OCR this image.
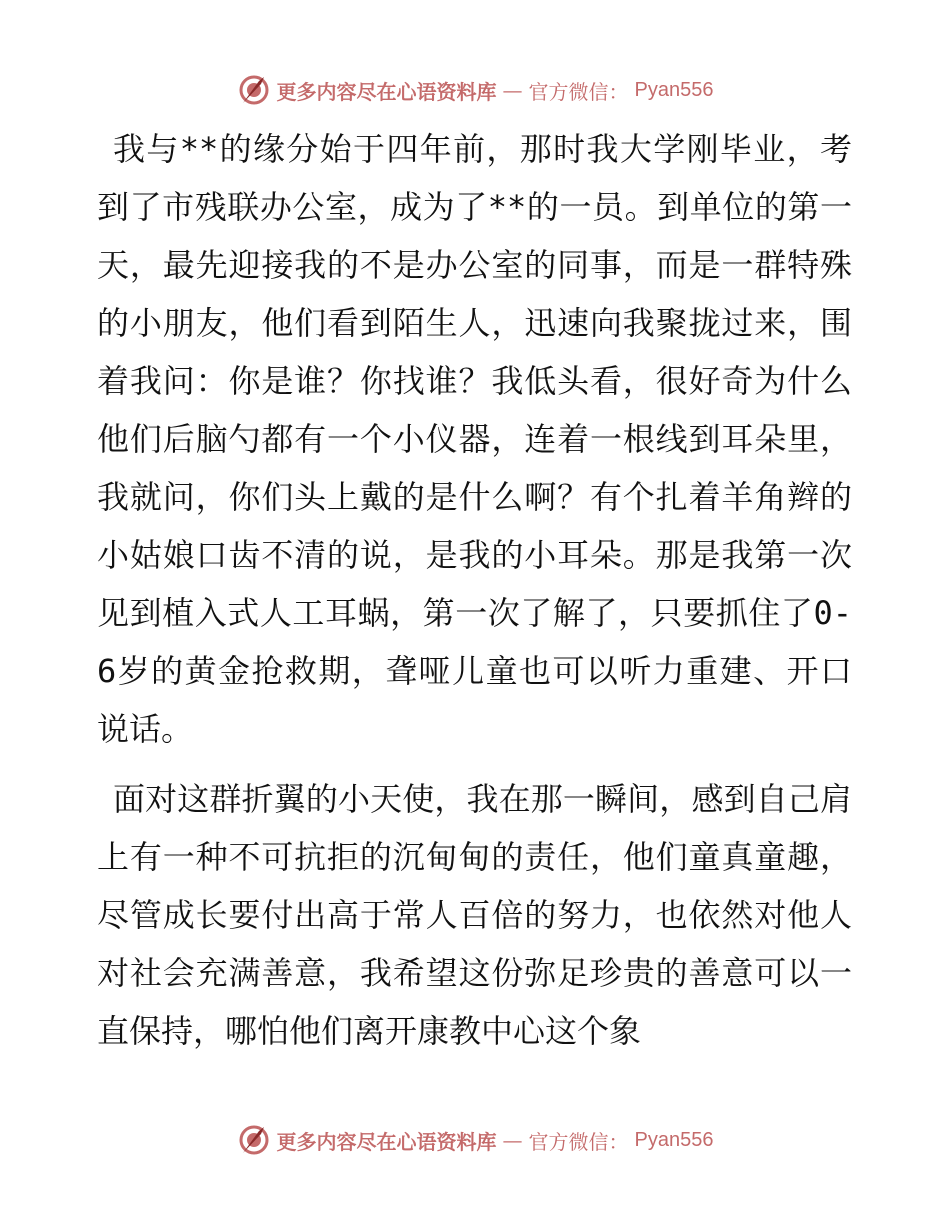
更多内容尽在心语资料库 — 官方微信： Pyan556

我与**的缘分始于四年前，那时我大学刚毕业，考到了市残联办公室，成为了**的一员。到单位的第一天，最先迎接我的不是办公室的同事，而是一群特殊的小朋友，他们看到陌生人，迅速向我聚拢过来，围着我问：你是谁？你找谁？我低头看，很好奇为什么他们后脑勺都有一个小仪器，连着一根线到耳朵里，我就问，你们头上戴的是什么啊？有个扎着羊角辫的小姑娘口齿不清的说，是我的小耳朵。那是我第一次见到植入式人工耳蜗，第一次了解了，只要抓住了0-6岁的黄金抢救期，聋哑儿童也可以听力重建、开口说话。

面对这群折翼的小天使，我在那一瞬间，感到自己肩上有一种不可抗拒的沉甸甸的责任，他们童真童趣，尽管成长要付出高于常人百倍的努力，也依然对他人对社会充满善意，我希望这份弥足珍贵的善意可以一直保持，哪怕他们离开康教中心这个象

更多内容尽在心语资料库 — 官方微信： Pyan556
